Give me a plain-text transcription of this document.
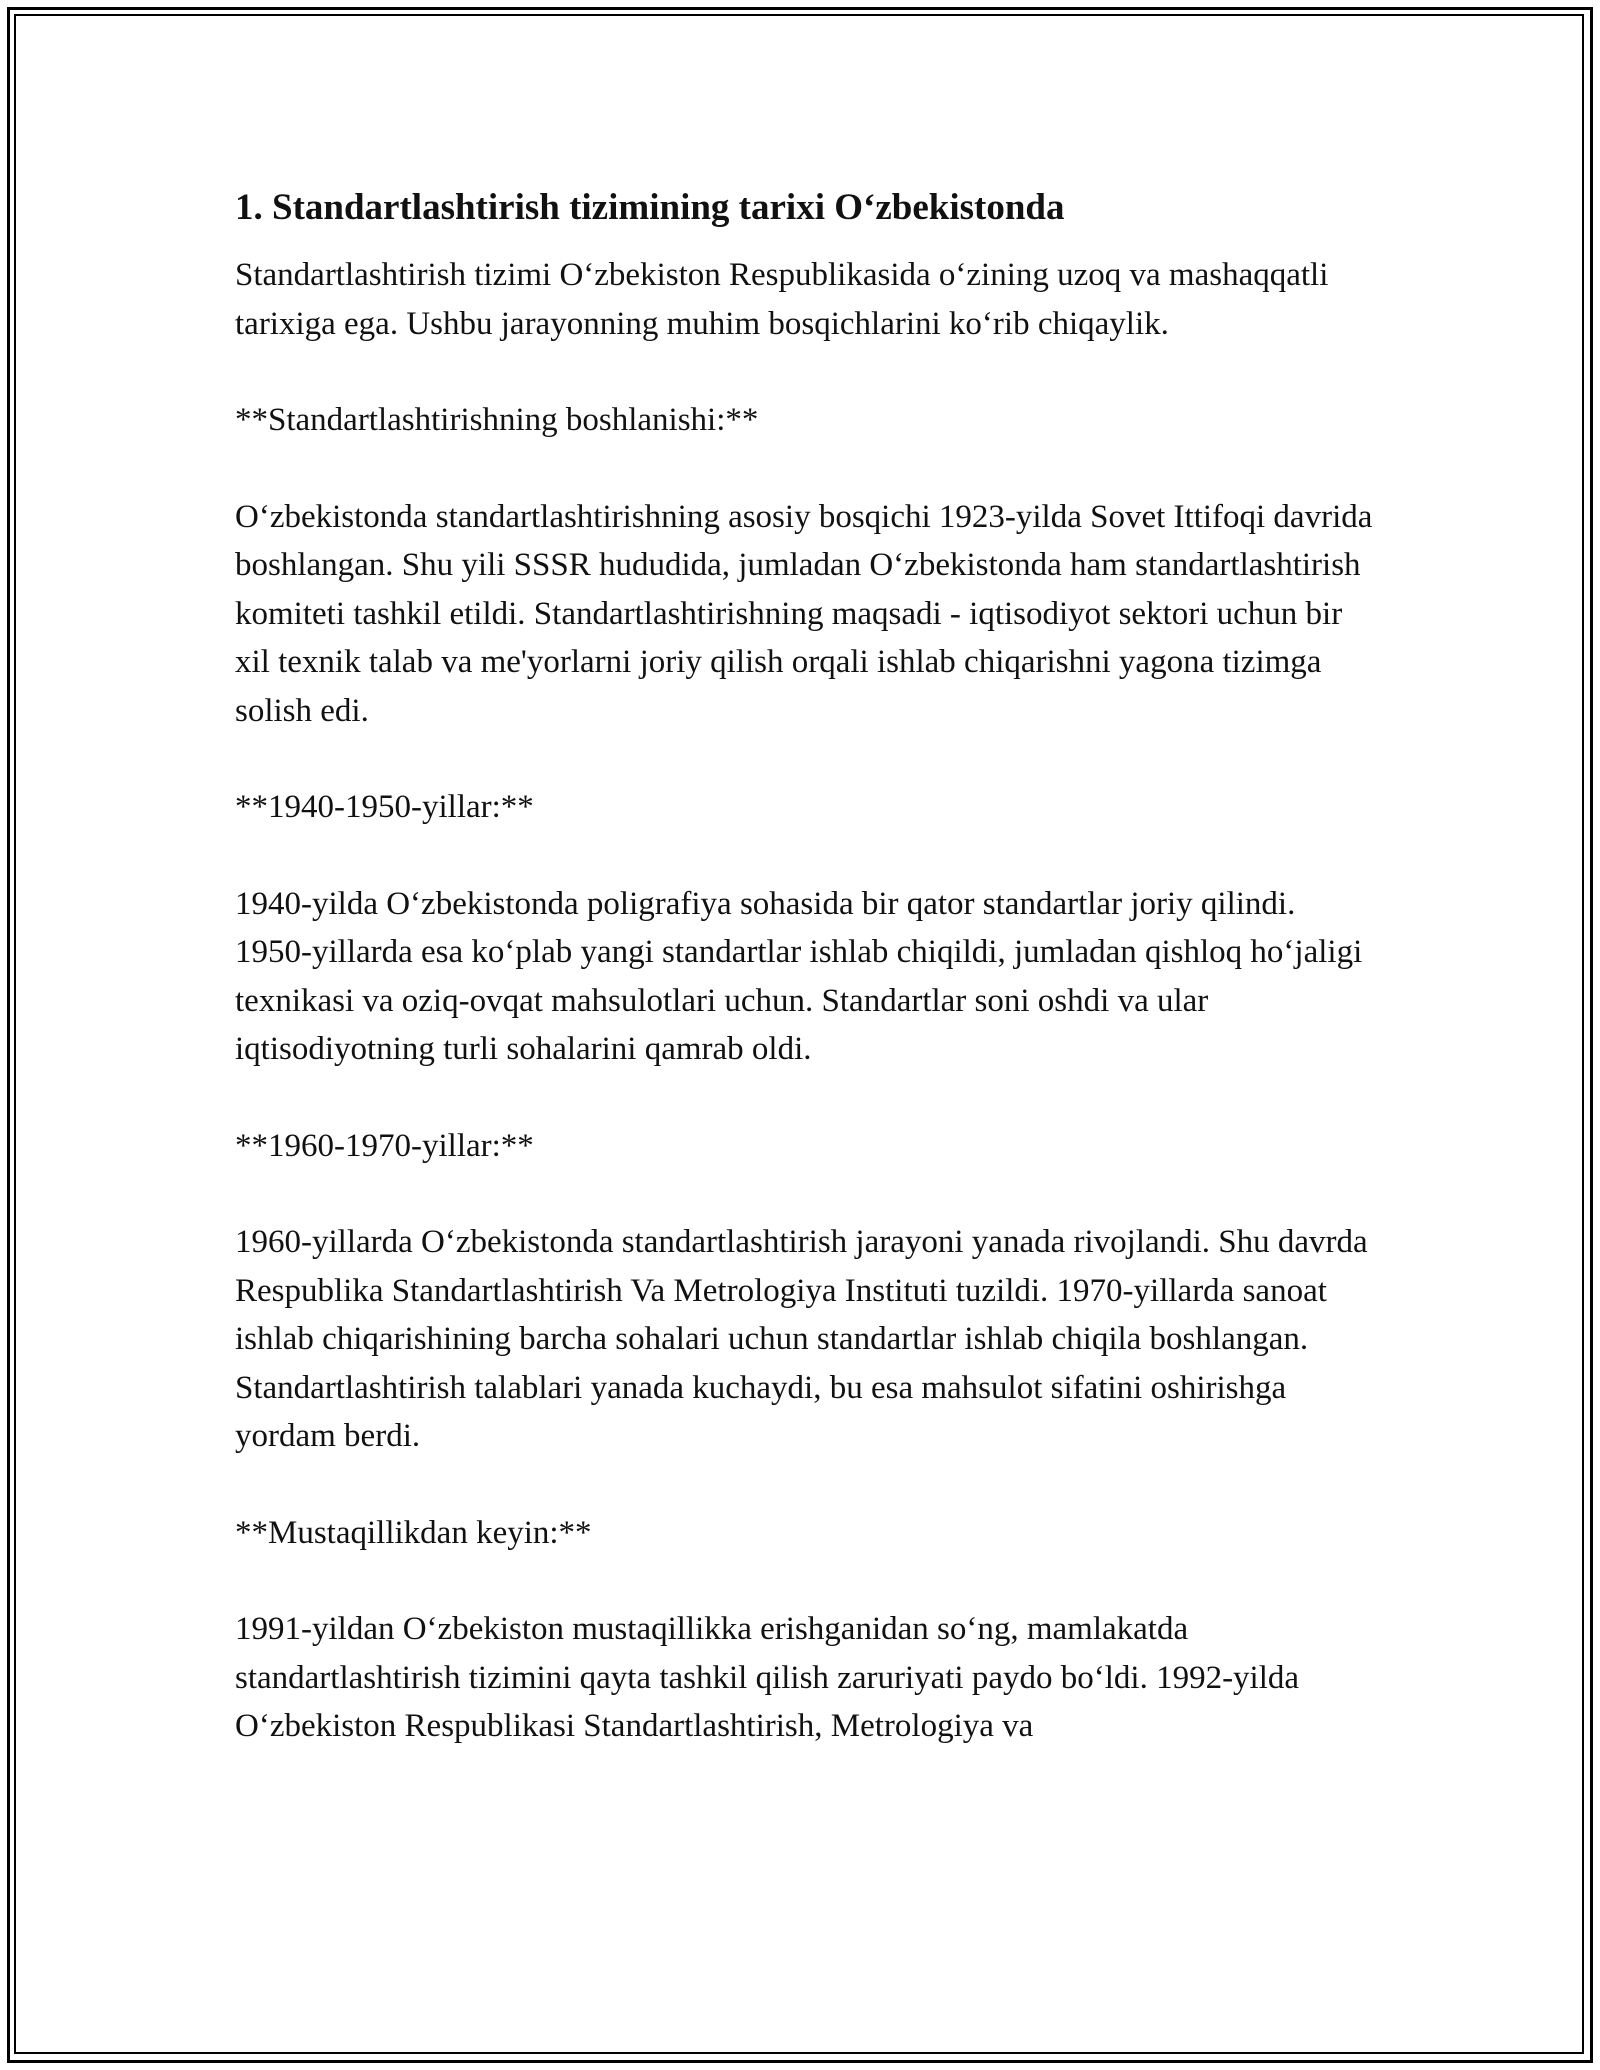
1. Standartlashtirish tizimining tarixi O‘zbekistonda

Standartlashtirish tizimi O‘zbekiston Respublikasida o‘zining uzoq va mashaqqatli tarixiga ega. Ushbu jarayonning muhim bosqichlarini ko‘rib chiqaylik.

**Standartlashtirishning boshlanishi:**

O‘zbekistonda standartlashtirishning asosiy bosqichi 1923-yilda Sovet Ittifoqi davrida boshlangan. Shu yili SSSR hududida, jumladan O‘zbekistonda ham standartlashtirish komiteti tashkil etildi. Standartlashtirishning maqsadi - iqtisodiyot sektori uchun bir xil texnik talab va me'yorlarni joriy qilish orqali ishlab chiqarishni yagona tizimga solish edi.

**1940-1950-yillar:**

1940-yilda O‘zbekistonda poligrafiya sohasida bir qator standartlar joriy qilindi. 1950-yillarda esa ko‘plab yangi standartlar ishlab chiqildi, jumladan qishloq ho‘jaligi texnikasi va oziq-ovqat mahsulotlari uchun. Standartlar soni oshdi va ular iqtisodiyotning turli sohalarini qamrab oldi.

**1960-1970-yillar:**

1960-yillarda O‘zbekistonda standartlashtirish jarayoni yanada rivojlandi. Shu davrda Respublika Standartlashtirish Va Metrologiya Instituti tuzildi. 1970-yillarda sanoat ishlab chiqarishining barcha sohalari uchun standartlar ishlab chiqila boshlangan. Standartlashtirish talablari yanada kuchaydi, bu esa mahsulot sifatini oshirishga yordam berdi.

**Mustaqillikdan keyin:**

1991-yildan O‘zbekiston mustaqillikka erishganidan so‘ng, mamlakatda standartlashtirish tizimini qayta tashkil qilish zaruriyati paydo bo‘ldi. 1992-yilda O‘zbekiston Respublikasi Standartlashtirish, Metrologiya va
